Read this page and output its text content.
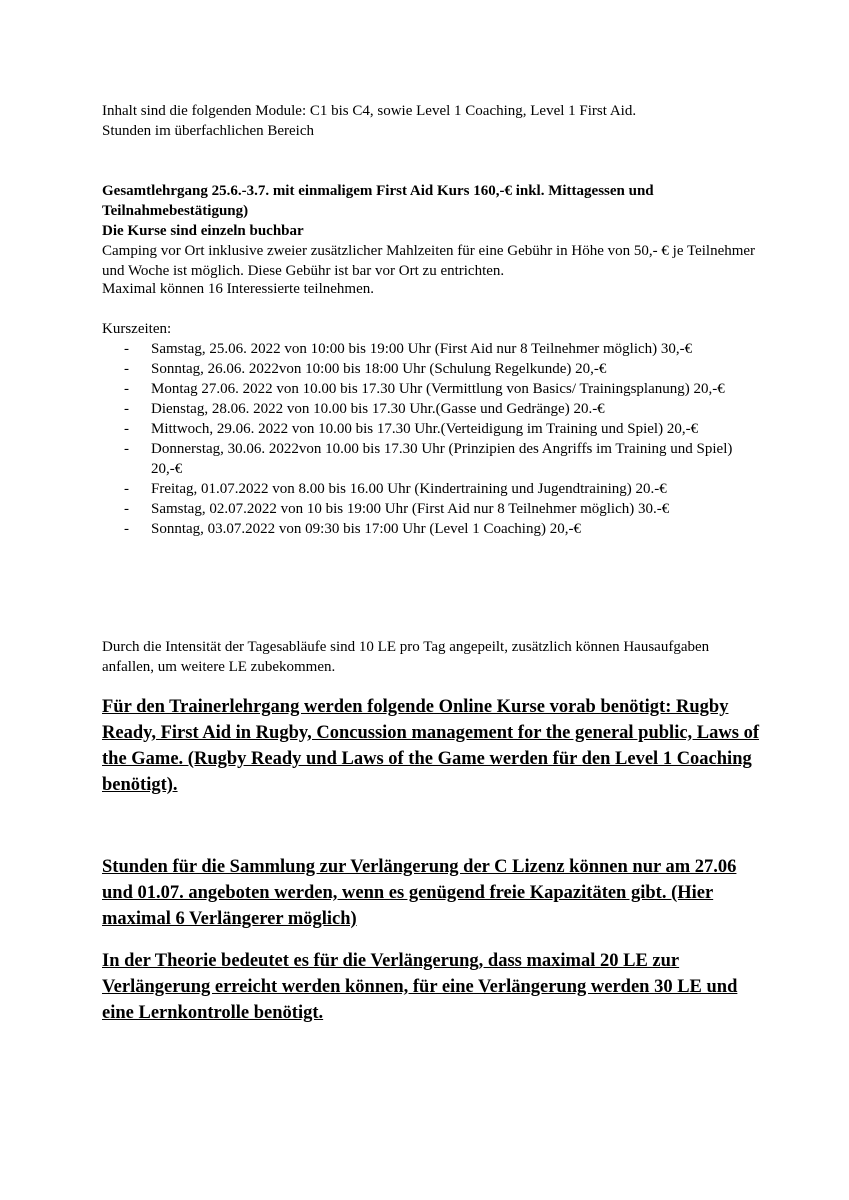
Inhalt sind die folgenden Module: C1 bis C4, sowie Level 1 Coaching, Level 1 First Aid.

Stunden im überfachlichen Bereich

Gesamtlehrgang 25.6.-3.7. mit einmaligem First Aid Kurs 160,-€ inkl. Mittagessen und Teilnahmebestätigung)

Die Kurse sind einzeln buchbar

Camping vor Ort inklusive zweier zusätzlicher Mahlzeiten für eine Gebühr in Höhe von 50,- € je Teilnehmer und Woche ist möglich. Diese Gebühr ist bar vor Ort zu entrichten.

Maximal können 16 Interessierte teilnehmen.

Kurszeiten:

- Samstag, 25.06. 2022 von 10:00 bis 19:00 Uhr (First Aid nur 8 Teilnehmer möglich) 30,-€
- Sonntag, 26.06. 2022von 10:00 bis 18:00 Uhr (Schulung Regelkunde) 20,-€
- Montag 27.06. 2022 von 10.00 bis 17.30 Uhr (Vermittlung von Basics/ Trainingsplanung) 20,-€
- Dienstag, 28.06. 2022 von 10.00 bis 17.30 Uhr.(Gasse und Gedränge) 20.-€
- Mittwoch, 29.06. 2022 von 10.00 bis 17.30 Uhr.(Verteidigung im Training und Spiel) 20,-€
- Donnerstag, 30.06. 2022von 10.00 bis 17.30 Uhr (Prinzipien des Angriffs im Training und Spiel) 20,-€
- Freitag, 01.07.2022 von 8.00 bis 16.00 Uhr (Kindertraining und Jugendtraining) 20.-€
- Samstag, 02.07.2022 von 10 bis 19:00 Uhr (First Aid nur 8 Teilnehmer möglich) 30.-€
- Sonntag, 03.07.2022 von 09:30 bis 17:00 Uhr (Level 1 Coaching) 20,-€

Durch die Intensität der Tagesabläufe sind 10 LE pro Tag angepeilt, zusätzlich können Hausaufgaben anfallen, um weitere LE zubekommen.

Für den Trainerlehrgang werden folgende Online Kurse vorab benötigt: Rugby Ready, First Aid in Rugby, Concussion management for the general public, Laws of the Game. (Rugby Ready und Laws of the Game werden für den Level 1 Coaching benötigt).

Stunden für die Sammlung zur Verlängerung der C Lizenz können nur am 27.06 und 01.07. angeboten werden, wenn es genügend freie Kapazitäten gibt. (Hier maximal 6 Verlängerer möglich)

In der Theorie bedeutet es für die Verlängerung, dass maximal 20 LE zur Verlängerung erreicht werden können, für eine Verlängerung werden 30 LE und eine Lernkontrolle benötigt.
